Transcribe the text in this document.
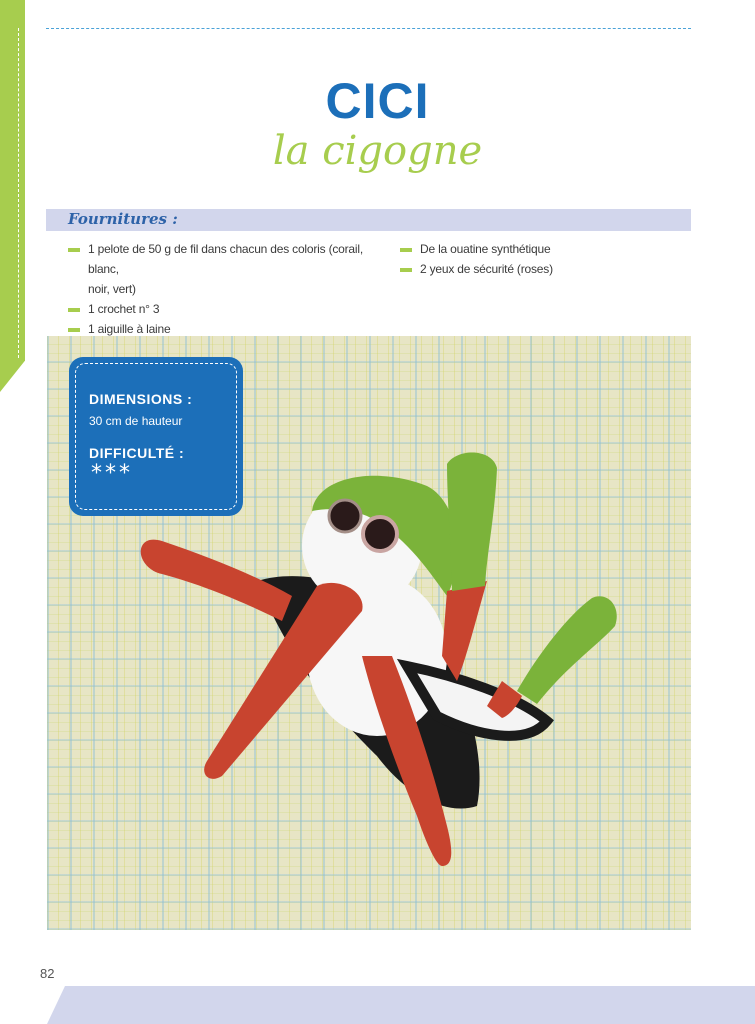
CICI
la cigogne
Fournitures :
1 pelote de 50 g de fil dans chacun des coloris (corail, blanc,
noir, vert)
1 crochet n° 3
1 aiguille à laine
De la ouatine synthétique
2 yeux de sécurité (roses)
DIMENSIONS :
30 cm de hauteur
DIFFICULTÉ :
***
82
